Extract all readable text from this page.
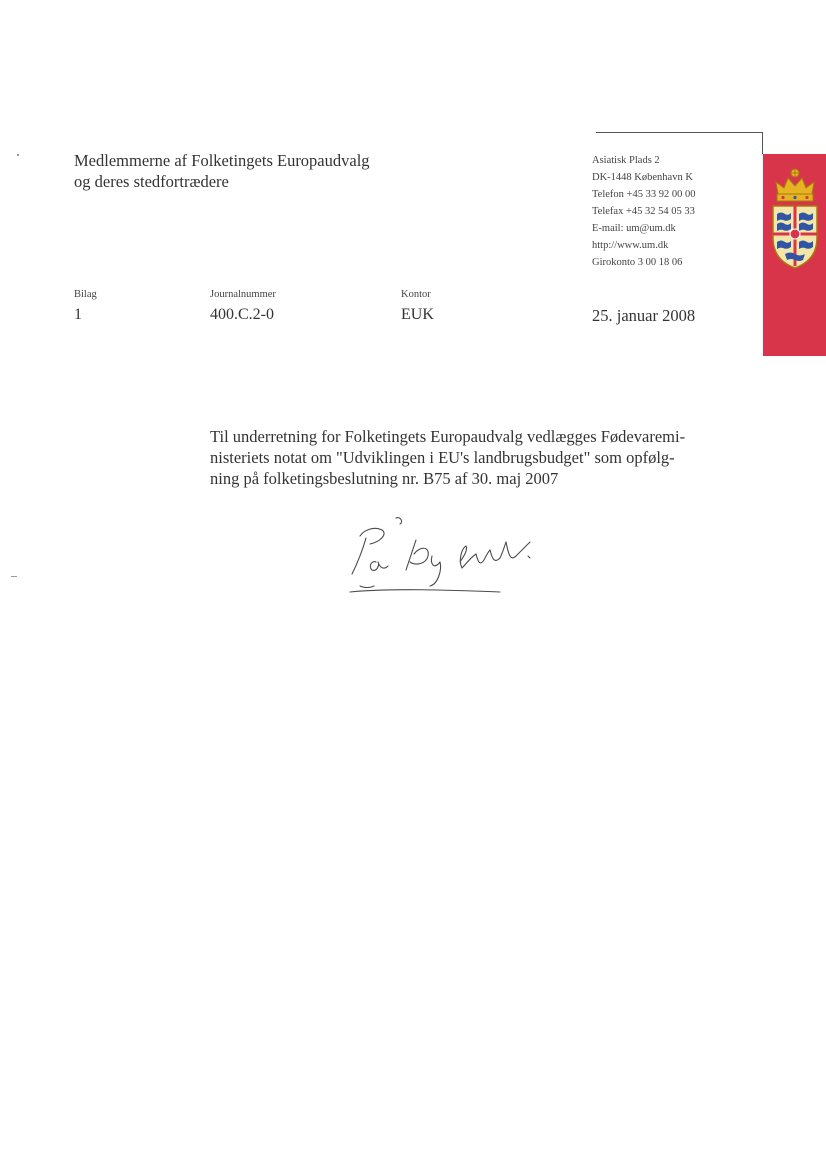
Medlemmerne af Folketingets Europaudvalg
og deres stedfortrædere
Asiatisk Plads 2
DK-1448 København K
Telefon +45 33 92 00 00
Telefax +45 32 54 05 33
E-mail: um@um.dk
http://www.um.dk
Girokonto 3 00 18 06
Bilag
1
Journalnummer
400.C.2-0
Kontor
EUK	25. januar 2008
Til underretning for Folketingets Europaudvalg vedlægges Fødevaremi-
nisteriets notat om "Udviklingen i EU's landbrugsbudget" som opfølg-
ning på folketingsbeslutning nr. B75 af 30. maj 2007
